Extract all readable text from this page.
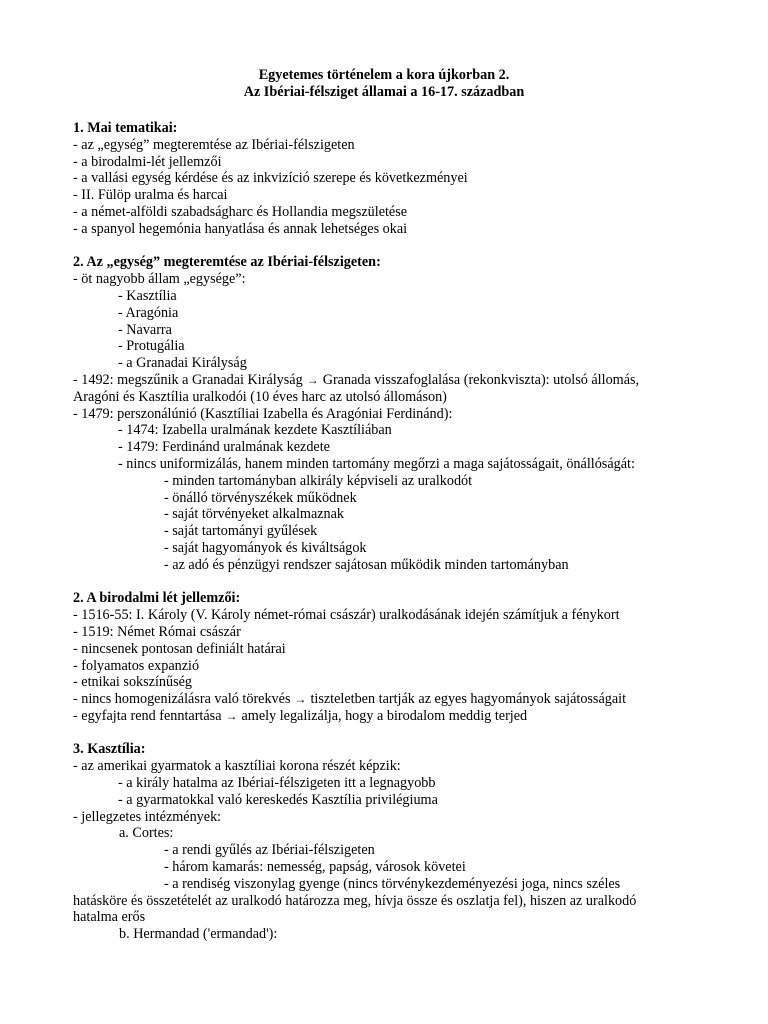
Egyetemes történelem a kora újkorban 2.
Az Ibériai-félsziget államai a 16-17. században
1. Mai tematikai:
- az „egység” megteremtése az Ibériai-félszigeten
- a birodalmi-lét jellemzői
- a vallási egység kérdése és az inkvizíció szerepe és következményei
- II. Fülöp uralma és harcai
- a német-alföldi szabadságharc és Hollandia megszületése
- a spanyol hegemónia hanyatlása és annak lehetséges okai
2. Az „egység” megteremtése az Ibériai-félszigeten:
- öt nagyobb állam „egysége”:
- Kasztília
- Aragónia
- Navarra
- Protugália
- a Granadai Királyság
- 1492: megszűnik a Granadai Királyság → Granada visszafoglalása (rekonkviszta): utolsó állomás,
Aragóni és Kasztília uralkodói (10 éves harc az utolsó állomáson)
- 1479: perszonálúnió (Kasztíliai Izabella és Aragóniai Ferdinánd):
- 1474: Izabella uralmának kezdete Kasztíliában
- 1479: Ferdinánd uralmának kezdete
- nincs uniformizálás, hanem minden tartomány megőrzi a maga sajátosságait, önállóságát:
- minden tartományban alkirály képviseli az uralkodót
- önálló törvényszékek működnek
- saját törvényeket alkalmaznak
- saját tartományi gyűlések
- saját hagyományok és kiváltságok
- az adó és pénzügyi rendszer sajátosan működik minden tartományban
2. A birodalmi lét jellemzői:
- 1516-55: I. Károly (V. Károly német-római császár) uralkodásának idején számítjuk a fénykort
- 1519: Német Római császár
- nincsenek pontosan definiált határai
- folyamatos expanzió
- etnikai sokszínűség
- nincs homogenizálásra való törekvés → tiszteletben tartják az egyes hagyományok sajátosságait
- egyfajta rend fenntartása → amely legalizálja, hogy a birodalom meddig terjed
3. Kasztília:
- az amerikai gyarmatok a kasztíliai korona részét képzik:
- a király hatalma az Ibériai-félszigeten itt a legnagyobb
- a gyarmatokkal való kereskedés Kasztília privilégiuma
- jellegzetes intézmények:
a. Cortes:
- a rendi gyűlés az Ibériai-félszigeten
- három kamarás: nemesség, papság, városok követei
- a rendiség viszonylag gyenge (nincs törvénykezdeményezési joga, nincs széles
hatásköre és összetételét az uralkodó határozza meg, hívja össze és oszlatja fel), hiszen az uralkodó
hatalma erős
b. Hermandad ('ermandad'):
